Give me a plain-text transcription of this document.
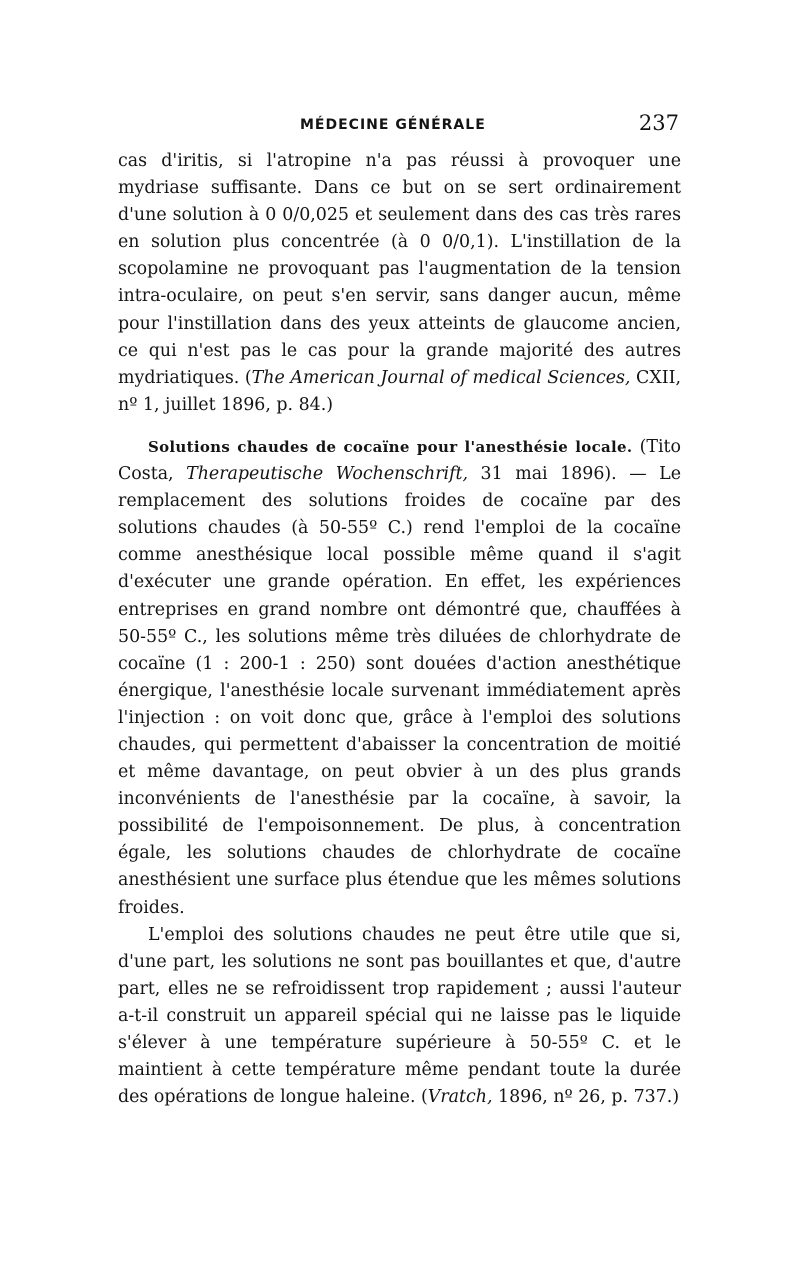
MÉDECINE GÉNÉRALE	237

cas d'iritis, si l'atropine n'a pas réussi à provoquer une mydriase suffisante. Dans ce but on se sert ordinairement d'une solution à 0 0/0,025 et seulement dans des cas très rares en solution plus concentrée (à 0 0/0,1). L'instillation de la scopolamine ne provoquant pas l'augmentation de la tension intra-oculaire, on peut s'en servir, sans danger aucun, même pour l'instillation dans des yeux atteints de glaucome ancien, ce qui n'est pas le cas pour la grande majorité des autres mydriatiques. (The American Journal of medical Sciences, CXII, nº 1, juillet 1896, p. 84.)

Solutions chaudes de cocaïne pour l'anesthésie locale. (Tito Costa, Therapeutische Wochenschrift, 31 mai 1896). — Le remplacement des solutions froides de cocaïne par des solutions chaudes (à 50-55º C.) rend l'emploi de la cocaïne comme anesthésique local possible même quand il s'agit d'exécuter une grande opération. En effet, les expériences entreprises en grand nombre ont démontré que, chauffées à 50-55º C., les solutions même très diluées de chlorhydrate de cocaïne (1 : 200-1 : 250) sont douées d'action anesthétique énergique, l'anesthésie locale survenant immédiatement après l'injection : on voit donc que, grâce à l'emploi des solutions chaudes, qui permettent d'abaisser la concentration de moitié et même davantage, on peut obvier à un des plus grands inconvénients de l'anesthésie par la cocaïne, à savoir, la possibilité de l'empoisonnement. De plus, à concentration égale, les solutions chaudes de chlorhydrate de cocaïne anesthésient une surface plus étendue que les mêmes solutions froides.

L'emploi des solutions chaudes ne peut être utile que si, d'une part, les solutions ne sont pas bouillantes et que, d'autre part, elles ne se refroidissent trop rapidement ; aussi l'auteur a-t-il construit un appareil spécial qui ne laisse pas le liquide s'élever à une température supérieure à 50-55º C. et le maintient à cette température même pendant toute la durée des opérations de longue haleine. (Vratch, 1896, nº 26, p. 737.)
